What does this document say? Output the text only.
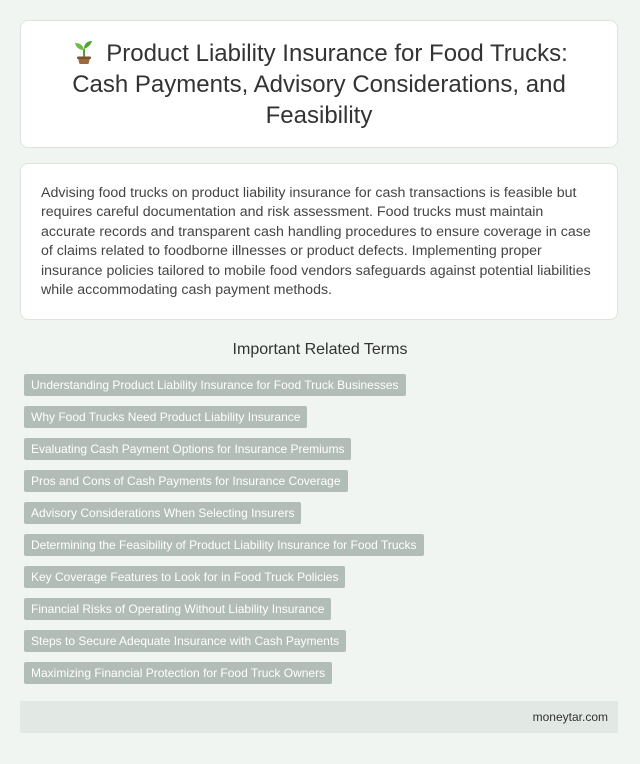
Product Liability Insurance for Food Trucks: Cash Payments, Advisory Considerations, and Feasibility

Advising food trucks on product liability insurance for cash transactions is feasible but requires careful documentation and risk assessment. Food trucks must maintain accurate records and transparent cash handling procedures to ensure coverage in case of claims related to foodborne illnesses or product defects. Implementing proper insurance policies tailored to mobile food vendors safeguards against potential liabilities while accommodating cash payment methods.

Important Related Terms
Understanding Product Liability Insurance for Food Truck Businesses
Why Food Trucks Need Product Liability Insurance
Evaluating Cash Payment Options for Insurance Premiums
Pros and Cons of Cash Payments for Insurance Coverage
Advisory Considerations When Selecting Insurers
Determining the Feasibility of Product Liability Insurance for Food Trucks
Key Coverage Features to Look for in Food Truck Policies
Financial Risks of Operating Without Liability Insurance
Steps to Secure Adequate Insurance with Cash Payments
Maximizing Financial Protection for Food Truck Owners
moneytar.com
